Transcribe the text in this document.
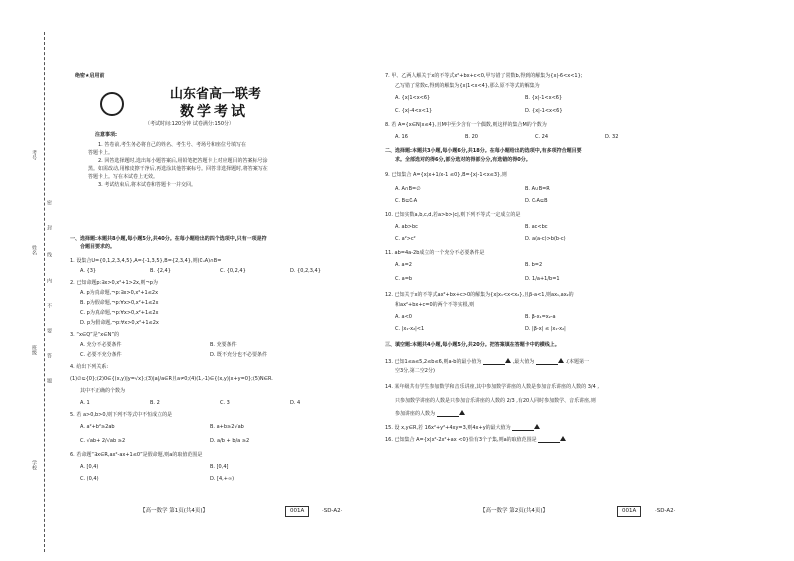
考号
姓名
班级
学校
密
封
线
内
不
要
答
题
绝密★启用前
山东省高一联考
数学考试
（考试时间:120分钟 试卷满分:150分）
注意事项:
1. 答卷前,考生务必将自己的姓名、考生号、考场号和座位号填写在
答题卡上。
2. 回答选择题时,选出每小题答案后,用铅笔把答题卡上对应题目的答案标号涂
黑。如需改动,用橡皮擦干净后,再选涂其他答案标号。回答非选择题时,将答案写在
答题卡上。写在本试卷上无效。
3. 考试结束后,将本试卷和答题卡一并交回。
一、选择题:本题共8小题,每小题5分,共40分。在每小题给出的四个选项中,只有一项是符
合题目要求的。
1. 设集合U={0,1,2,3,4,5},A={-1,3,5},B={2,3,4},则(∁ᵤA)∩B=
A. {3}	B. {2,4}	C. {0,2,4}	D. {0,2,3,4}
2. 已知命题p:∃x>0,x²+1>2x,则¬p为
A. p为真命题,¬p:∃x>0,x²+1≤2x
B. p为假命题,¬p:∀x>0,x²+1≤2x
C. p为真命题,¬p:∀x>0,x²+1≤2x
D. p为假命题,¬p:∀x>0,x²+1≤2x
3. “x∈Q”是“x∈N”的
A. 充分不必要条件	B. 充要条件
C. 必要不充分条件	D. 既不充分也不必要条件
4. 给出下列关系:
(1)∅⊆{0};(2)0∈{(x,y)|y=√x};(3)|a|/a∈R且a≠0;(4)(1,-1)∈{(x,y)|x+y=0};(5)N∈R.
其中不正确的个数为
A. 1	B. 2	C. 3	D. 4
5. 若 a>0,b>0,则下列不等式中不恒成立的是
A. a²+b²≥2ab	B. a+b≥2√ab
C. √ab+ 2/√ab ≥2	D. a/b + b/a ≥2
6. 若命题“∃x∈R,ax²-ax+1≤0”是假命题,则a的取值范围是
A. [0,4)	B. [0,4]
C. (0,4)	D. [4,+∞)
【高一数学 第1页(共4页)】	001A	·SD-A2·
7. 甲、乙两人解关于x的不等式x²+bx+c<0,甲写错了常数b,得到的解集为{x|-6<x<1};
乙写错了常数c,得到的解集为{x|1<x<4},那么原不等式的解集为
A. {x|1<x<6}	B. {x|-1<x<6}
C. {x|-4<x<1}	D. {x|-1<x<6}
8. 若 A={x∈N|x≤4},且M中至少含有一个偶数,则这样的集合M的个数为
A. 16	B. 20	C. 24	D. 32
二、选择题:本题共3小题,每小题6分,共18分。在每小题给出的选项中,有多项符合题目要
求。全部选对的得6分,部分选对的得部分分,有选错的得0分。
9. 已知集合 A={x|x+1/x-1 ≤0},B={x|-1<x≤3},则
A. A∩B=∅	B. A∪B=R
C. B⊆∁ᵣA	D. ∁ᵣA⊆B
10. 已知实数a,b,c,d,若a>b>|c|,则下列不等式一定成立的是
A. ab>bc	B. ac<bc
C. a²>c²	D. a(a-c)>b(b-c)
11. ab=4a-2b成立的一个充分不必要条件是
A. a=2	B. b=2
C. a=b	D. 1/a+1/b=1
12. 已知关于x的不等式ax²+bx+c>0的解集为{x|x₁<x<x₂},且β-a<1,则ax₁,ax₂的
和ax²+bx+c=0的两个不等实根,则
A. a<0	B. β-x₁=x₂-a
C. |x₁-x₂|<1	D. |β-x| ≤ |x₁-x₂|
三、填空题:本题共4小题,每小题5分,共20分。把答案填在答题卡中的横线上。
13. 已知1≤a≤5,2≤b≤6,则a-b的最小值为	,最大值为	.(本题第一
空3分,第二空2分)
14. 某年级共有学生参加数学和音乐讲座,其中参加数学讲座的人数是参加音乐讲座的人数的 3/4 ,
只参加数学讲座的人数是只参加音乐讲座的人数的 2/3 ,有20人同时参加数学、音乐讲座,则
参加讲座的人数为
15. 设 x,y∈R,若 16x²+y²+4xy=3,则4x+y的最大值为
16. 已知集合 A={x|x²-2x²+ax <0}恰有3个子集,则a的取值范围是
【高一数学 第2页(共4页)】	001A	·SD-A2·
